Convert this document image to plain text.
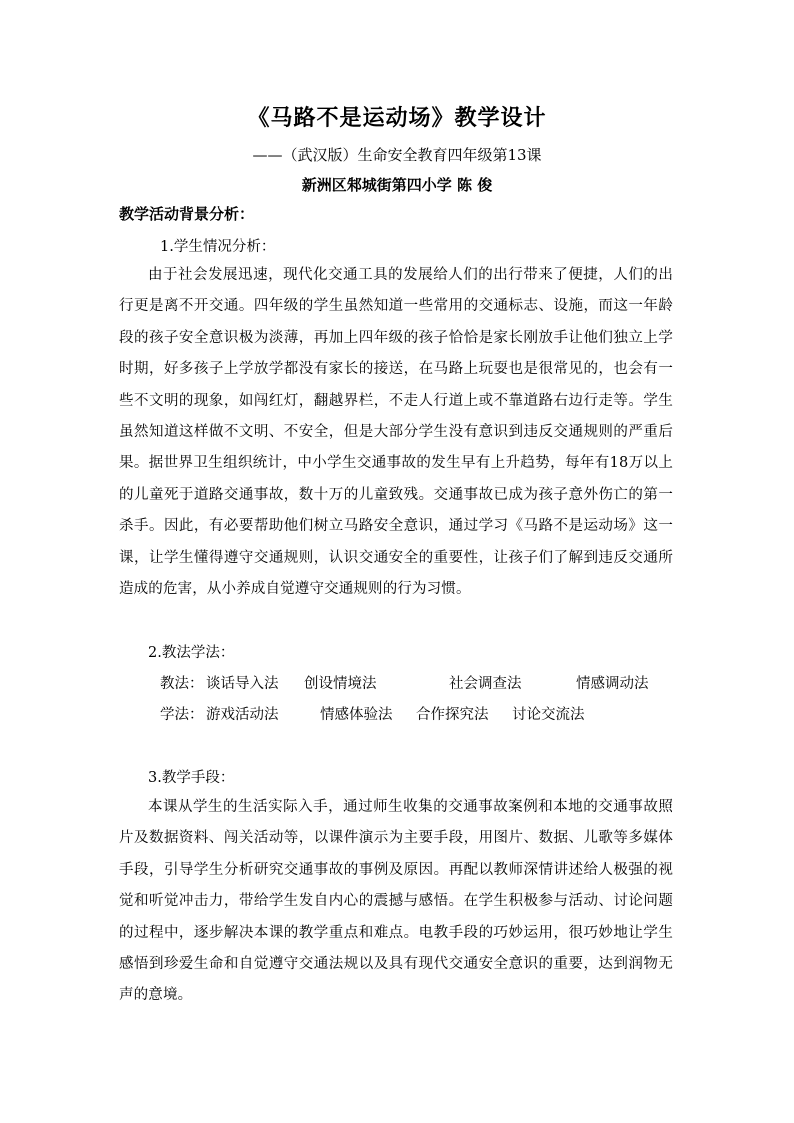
《马路不是运动场》教学设计
——（武汉版）生命安全教育四年级第13课
新洲区邾城街第四小学 陈 俊
教学活动背景分析：
1.学生情况分析：
由于社会发展迅速，现代化交通工具的发展给人们的出行带来了便捷，人们的出行更是离不开交通。四年级的学生虽然知道一些常用的交通标志、设施，而这一年龄段的孩子安全意识极为淡薄，再加上四年级的孩子恰恰是家长刚放手让他们独立上学时期，好多孩子上学放学都没有家长的接送，在马路上玩耍也是很常见的，也会有一些不文明的现象，如闯红灯，翻越界栏，不走人行道上或不靠道路右边行走等。学生虽然知道这样做不文明、不安全，但是大部分学生没有意识到违反交通规则的严重后果。据世界卫生组织统计，中小学生交通事故的发生早有上升趋势，每年有18万以上的儿童死于道路交通事故，数十万的儿童致残。交通事故已成为孩子意外伤亡的第一杀手。因此，有必要帮助他们树立马路安全意识，通过学习《马路不是运动场》这一课，让学生懂得遵守交通规则，认识交通安全的重要性，让孩子们了解到违反交通所造成的危害，从小养成自觉遵守交通规则的行为习惯。
2.教法学法：
教法： 谈话导入法 创设情境法	社会调查法	情感调动法
学法： 游戏活动法	情感体验法 合作探究法 讨论交流法
3.教学手段：
本课从学生的生活实际入手，通过师生收集的交通事故案例和本地的交通事故照片及数据资料、闯关活动等，以课件演示为主要手段，用图片、数据、儿歌等多媒体手段，引导学生分析研究交通事故的事例及原因。再配以教师深情讲述给人极强的视觉和听觉冲击力，带给学生发自内心的震撼与感悟。在学生积极参与活动、讨论问题的过程中，逐步解决本课的教学重点和难点。电教手段的巧妙运用，很巧妙地让学生感悟到珍爱生命和自觉遵守交通法规以及具有现代交通安全意识的重要，达到润物无声的意境。
